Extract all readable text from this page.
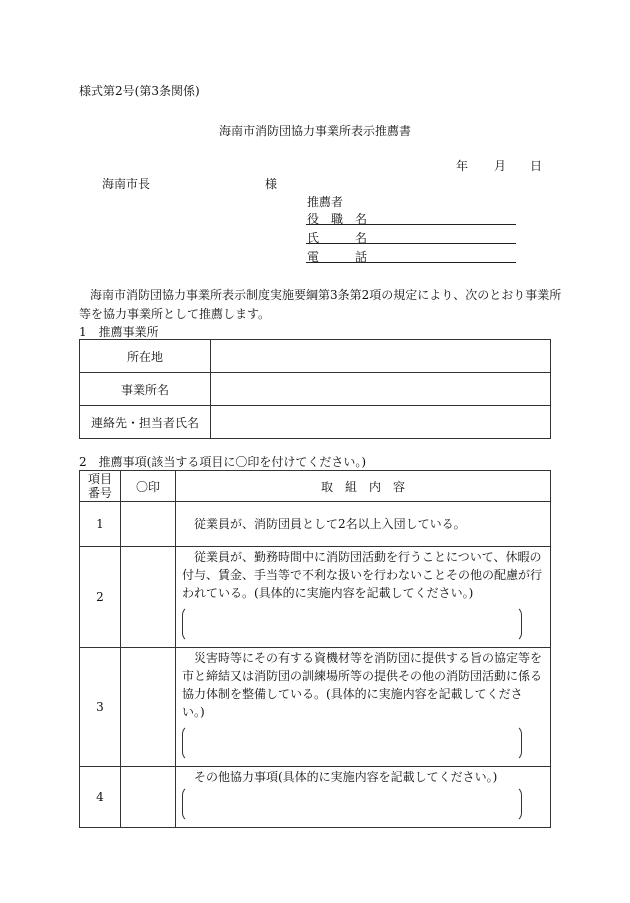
様式第2号(第3条関係)
海南市消防団協力事業所表示推薦書
年 月 日
海南市長	様
推薦者
役　職　名
氏　　　名
電　　　話
海南市消防団協力事業所表示制度実施要綱第3条第2項の規定により、次のとおり事業所
等を協力事業所として推薦します。
1　推薦事業所
所在地	
事業所名	
連絡先・担当者氏名	
2　推薦事項(該当する項目に〇印を付けてください。)
項目
番号	〇印	取　組　内　容
1		従業員が、消防団員として2名以上入団している。

2		従業員が、勤務時間中に消防団活動を行うことについて、休暇の付与、賃金、手当等で不利な扱いを行わないことその他の配慮が行われている。(具体的に実施内容を記載してください。)

3		災害時等にその有する資機材等を消防団に提供する旨の協定等を市と締結又は消防団の訓練場所等の提供その他の消防団活動に係る協力体制を整備している。(具体的に実施内容を記載してください。)

4		その他協力事項(具体的に実施内容を記載してください。)
